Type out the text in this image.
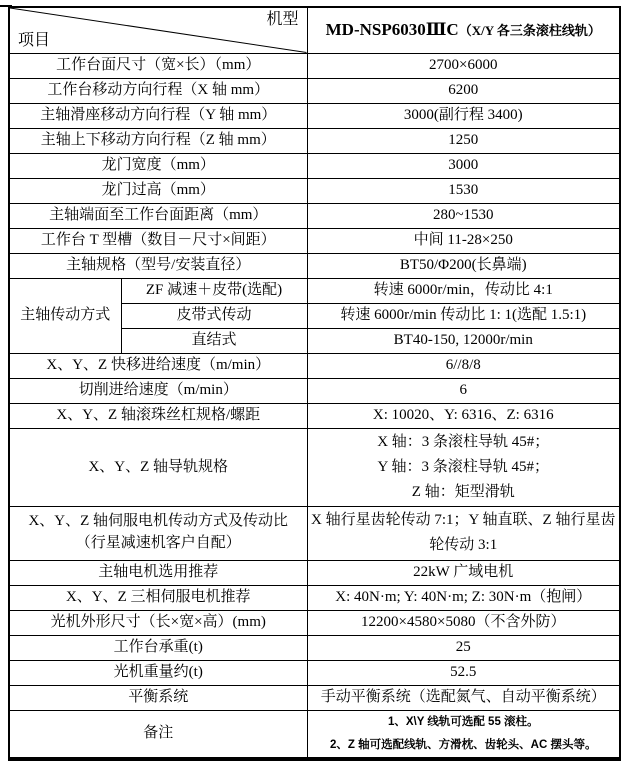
机型
项目		MD-NSP6030ⅢC（X/Y 各三条滚柱线轨）
工作台面尺寸（宽×长）（mm）		2700×6000
工作台移动方向行程（X 轴 mm）		6200
主轴滑座移动方向行程（Y 轴 mm）		3000(副行程 3400)
主轴上下移动方向行程（Z 轴 mm）		1250
龙门宽度（mm）		3000
龙门过高（mm）		1530
主轴端面至工作台面距离（mm）		280~1530
工作台 T 型槽（数目－尺寸×间距）		中间 11-28×250
主轴规格（型号/安装直径）		BT50/Φ200(长鼻端)
主轴传动方式	ZF 减速＋皮带(选配)	转速 6000r/min，传动比 4:1
	皮带式传动	转速 6000r/min 传动比 1: 1(选配 1.5:1)
	直结式	BT40-150, 12000r/min
X、Y、Z 快移进给速度（m/min）		6//8/8
切削进给速度（m/min）		6
X、Y、Z 轴滚珠丝杠规格/螺距		X: 10020、Y: 6316、Z: 6316
X、Y、Z 轴导轨规格		X 轴：3 条滚柱导轨 45#；
Y 轴：3 条滚柱导轨 45#；
Z 轴：矩型滑轨

X、Y、Z 轴伺服电机传动方式及传动比
（行星减速机客户自配）		X 轴行星齿轮传动 7:1；Y 轴直联、Z 轴行星齿轮传动 3:1
主轴电机选用推荐		22kW 广域电机
X、Y、Z 三相伺服电机推荐		X: 40N·m; Y: 40N·m; Z: 30N·m（抱闸）
光机外形尺寸（长×宽×高）(mm)		12200×4580×5080（不含外防）
工作台承重(t)		25
光机重量约(t)		52.5
平衡系统		手动平衡系统（选配氮气、自动平衡系统）
备注		1、X\Y 线轨可选配 55 滚柱。
2、Z 轴可选配线轨、方滑枕、齿轮头、AC 摆头等。
